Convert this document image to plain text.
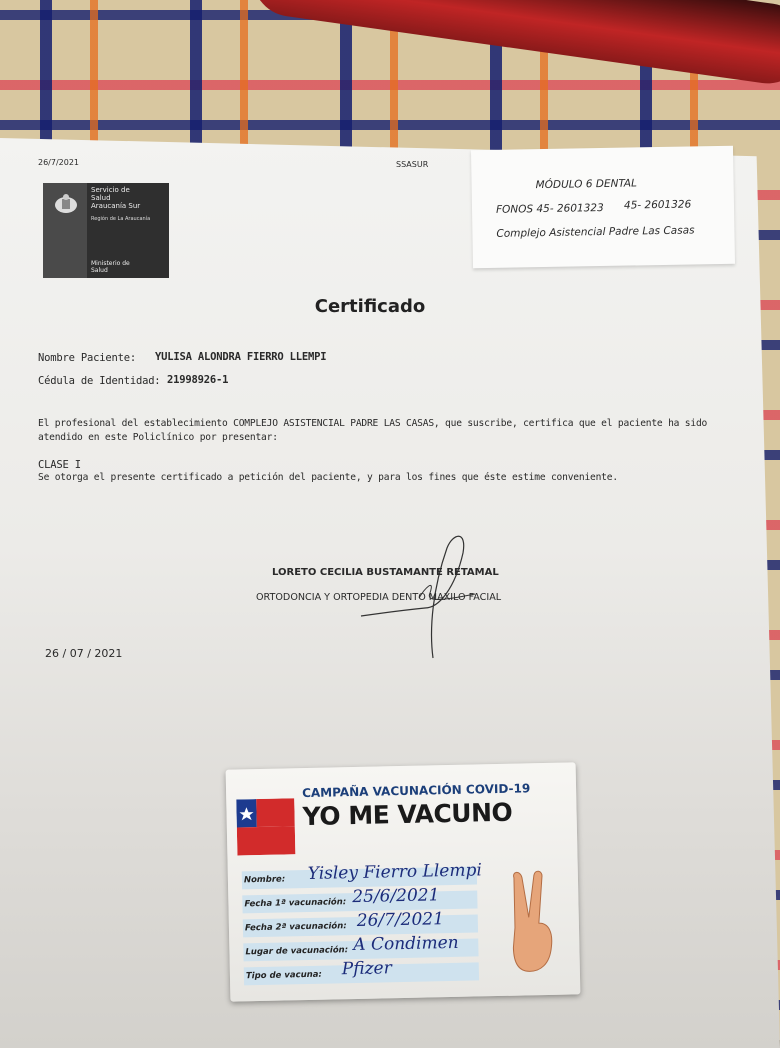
26/7/2021	SSASUR
Servicio de
Salud
Araucanía Sur
Región de La Araucanía
Ministerio de
Salud
MÓDULO 6 DENTAL
FONOS 45- 2601323 45- 2601326
Complejo Asistencial Padre Las Casas
Certificado
Nombre Paciente: YULISA ALONDRA FIERRO LLEMPI
Cédula de Identidad: 21998926-1
El profesional del establecimiento COMPLEJO ASISTENCIAL PADRE LAS CASAS, que suscribe, certifica que el paciente ha sido
atendido en este Policlínico por presentar:
CLASE I
Se otorga el presente certificado a petición del paciente, y para los fines que éste estime conveniente.
LORETO CECILIA BUSTAMANTE RETAMAL
ORTODONCIA Y ORTOPEDIA DENTO MAXILO FACIAL
26 / 07 / 2021
CAMPAÑA VACUNACIÓN COVID-19
YO ME VACUNO
Nombre:
Fecha 1ª vacunación:
Fecha 2ª vacunación:
Lugar de vacunación:
Tipo de vacuna:
Yisley Fierro Llempi
25/6/2021
26/7/2021
A Condimen
Pfizer
